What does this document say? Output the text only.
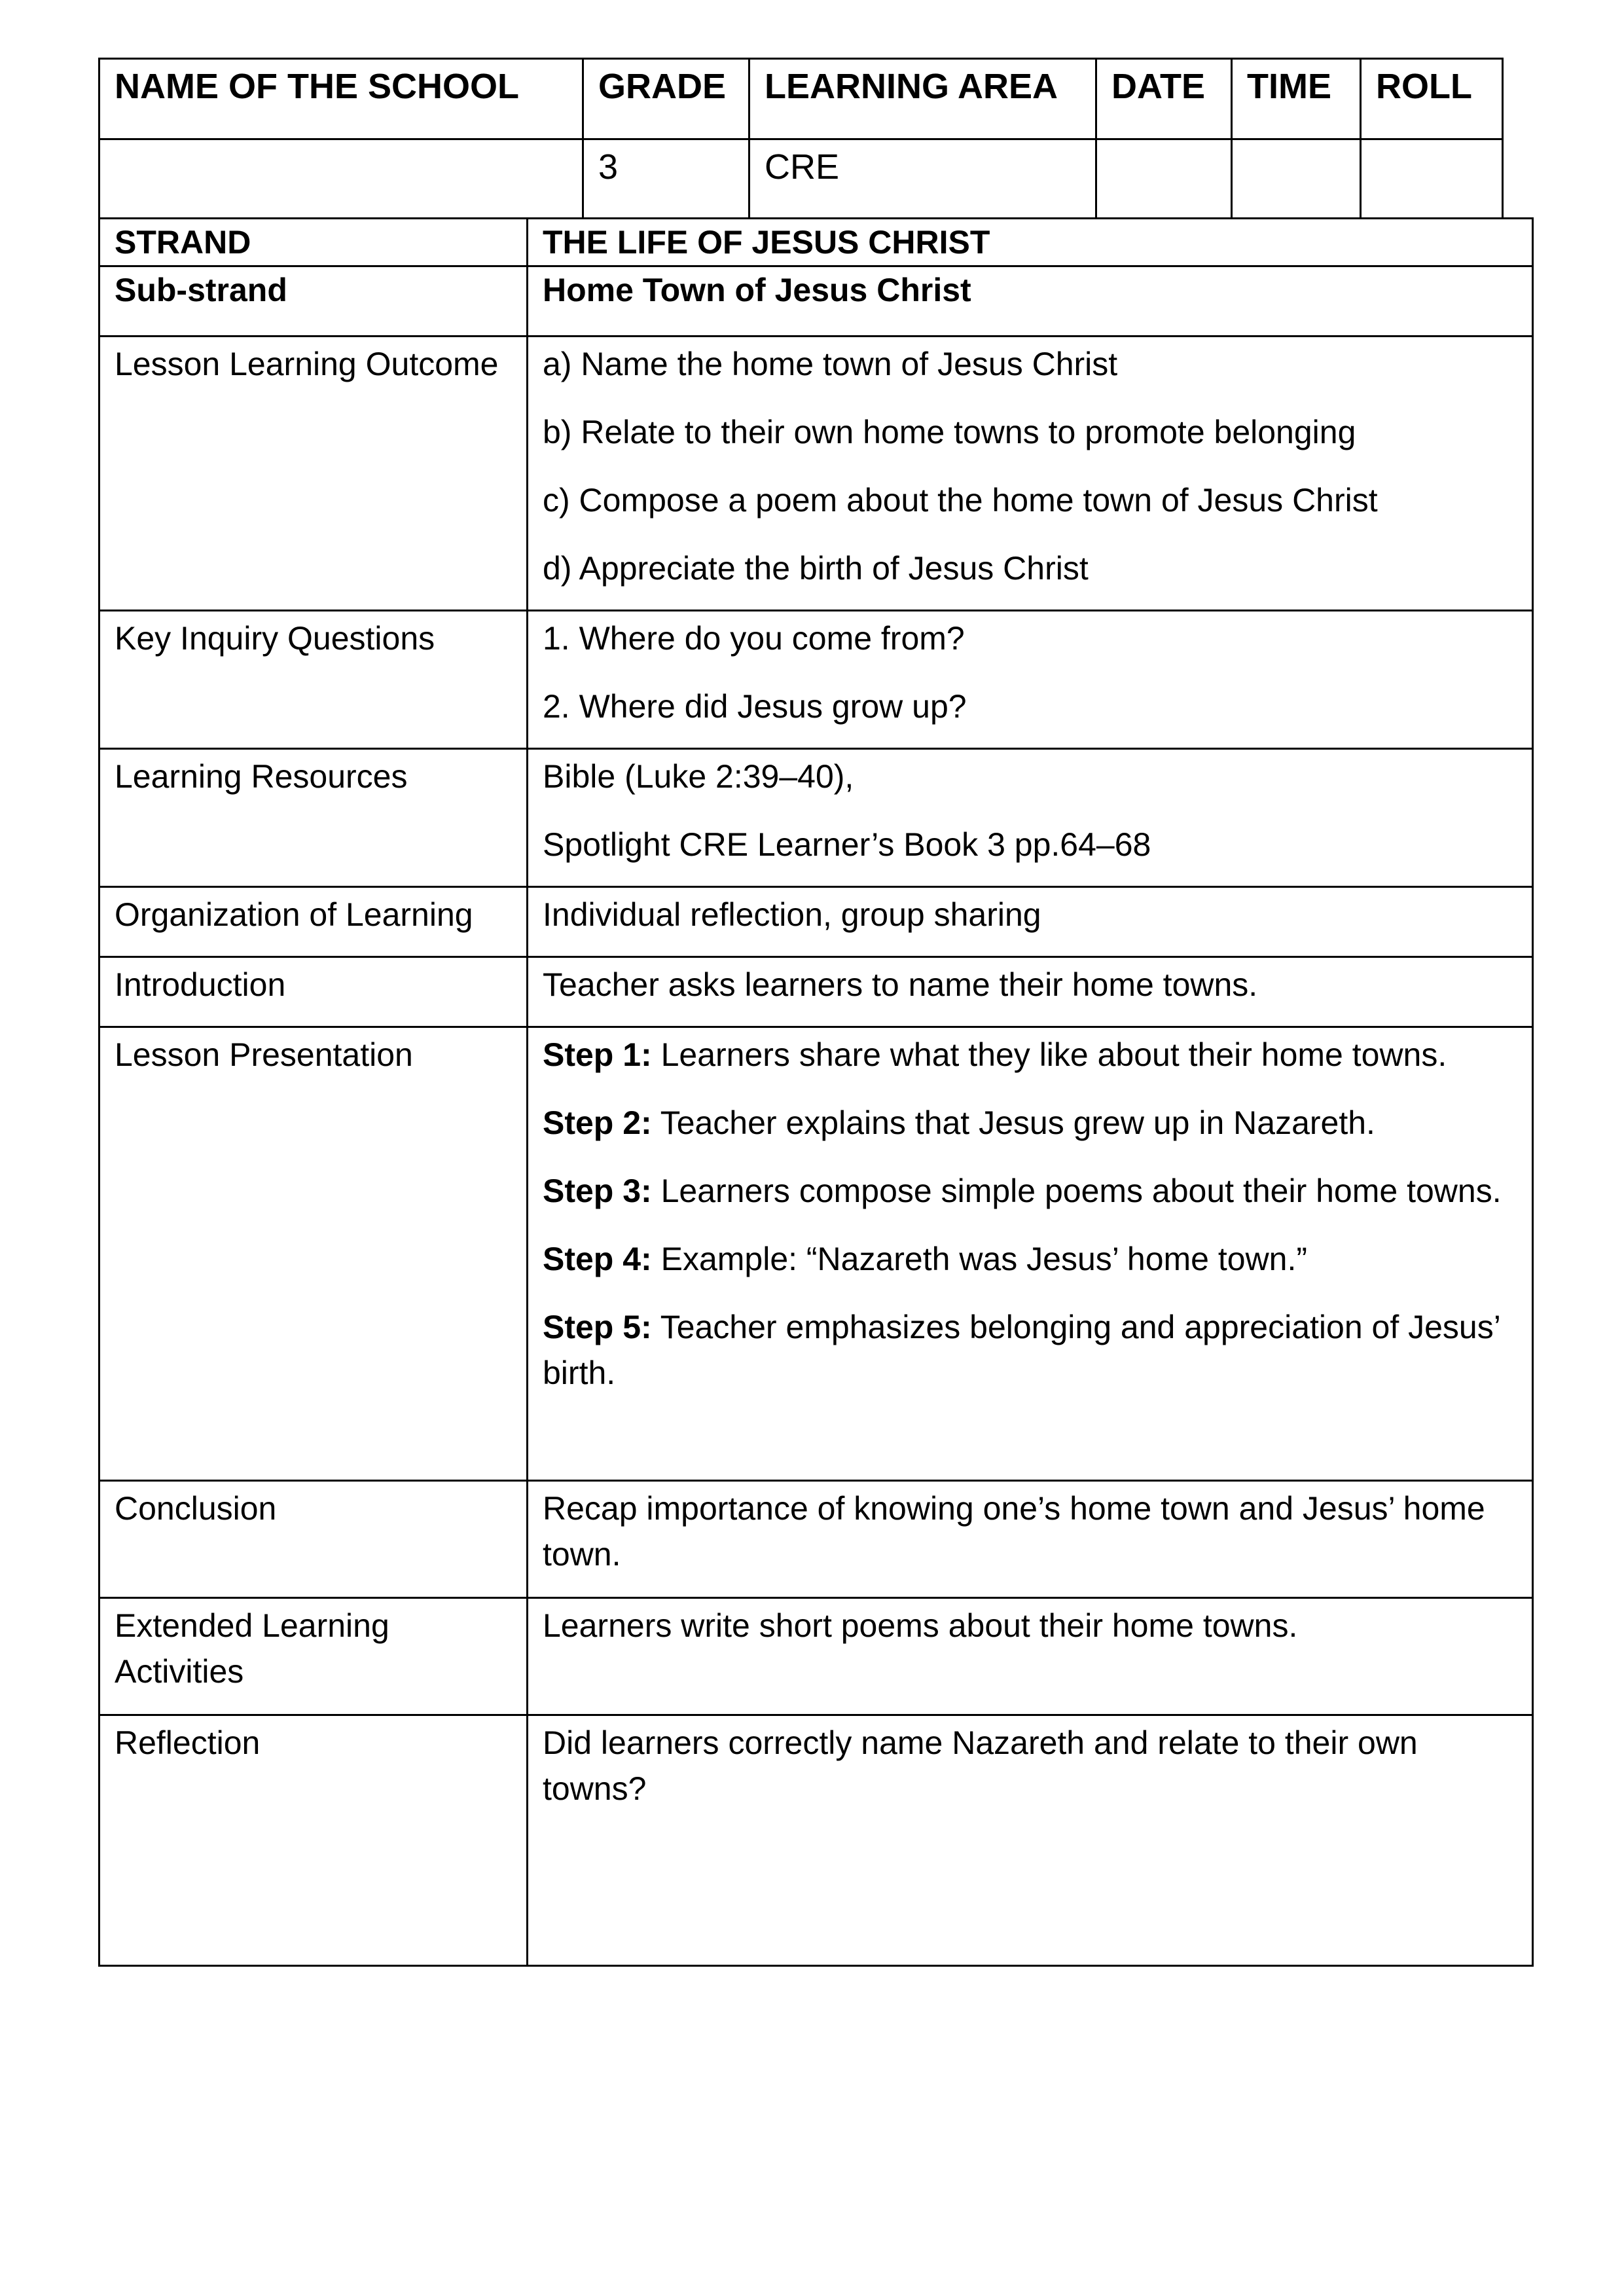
NAME OF THE SCHOOL	GRADE	LEARNING AREA	DATE	TIME	ROLL
	3	CRE			
STRAND	THE LIFE OF JESUS CHRIST
Sub-strand	Home Town of Jesus Christ
Lesson Learning Outcome	a) Name the home town of Jesus Christ

b) Relate to their own home towns to promote belonging

c) Compose a poem about the home town of Jesus Christ

d) Appreciate the birth of Jesus Christ

Key Inquiry Questions	1. Where do you come from?

2. Where did Jesus grow up?

Learning Resources	Bible (Luke 2:39–40),

Spotlight CRE Learner’s Book 3 pp.64–68

Organization of Learning	Individual reflection, group sharing
Introduction	Teacher asks learners to name their home towns.
Lesson Presentation	Step 1: Learners share what they like about their home towns.

Step 2: Teacher explains that Jesus grew up in Nazareth.

Step 3: Learners compose simple poems about their home towns.

Step 4: Example: “Nazareth was Jesus’ home town.”

Step 5: Teacher emphasizes belonging and appreciation of Jesus’ birth.

Conclusion	Recap importance of knowing one’s home town and Jesus’ home town.
Extended Learning Activities	Learners write short poems about their home towns.
Reflection	Did learners correctly name Nazareth and relate to their own towns?
